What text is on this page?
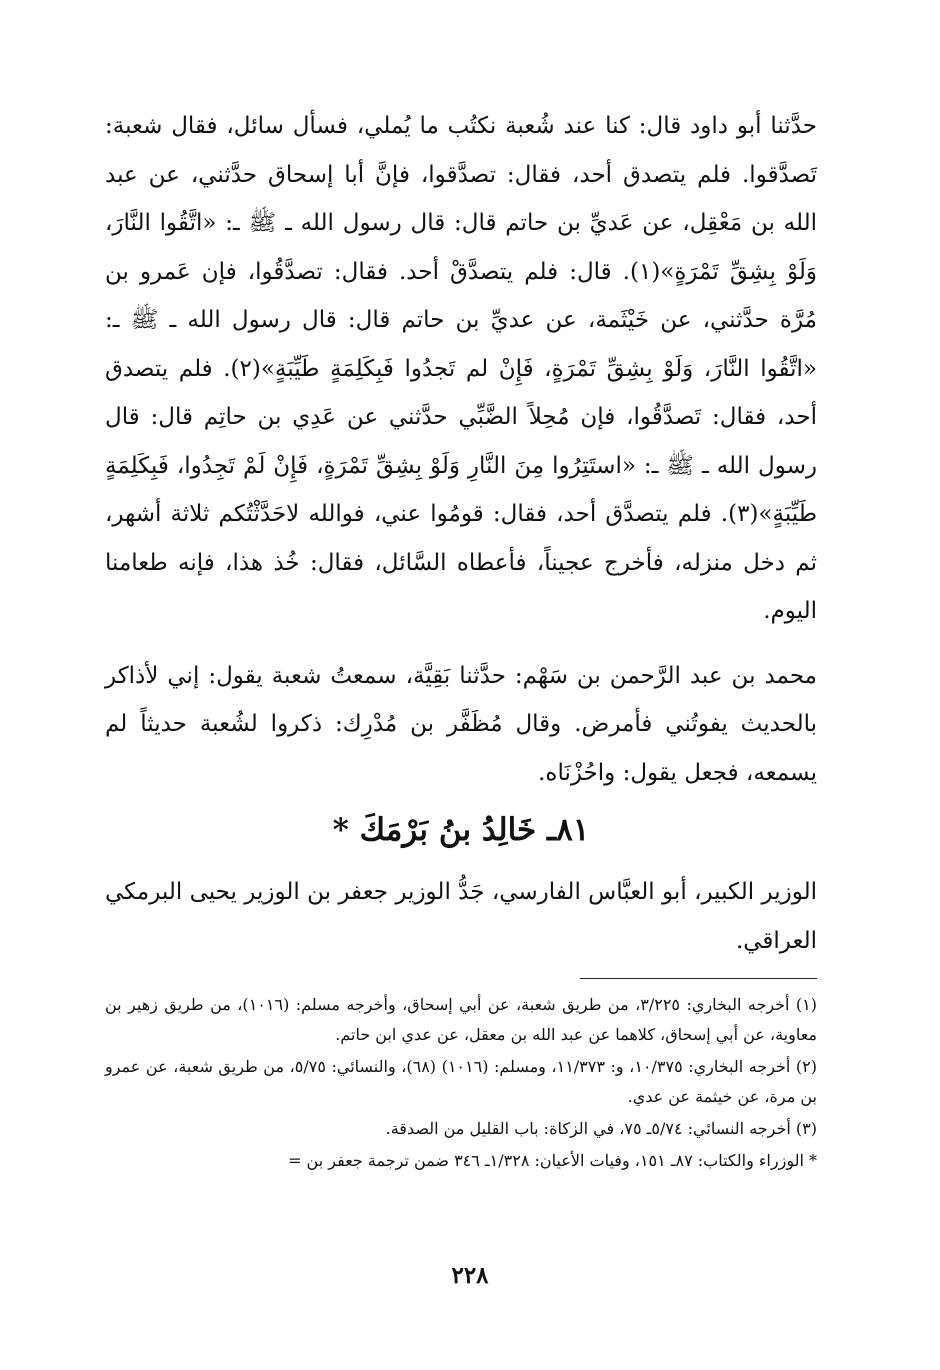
حدَّثنا أبو داود قال: كنا عند شُعبة نكتُب ما يُملي، فسأل سائل، فقال شعبة: تَصدَّقوا. فلم يتصدق أحد، فقال: تصدَّقوا، فإنَّ أبا إسحاق حدَّثني، عن عبد الله بن مَعْقِل، عن عَديِّ بن حاتم قال: قال رسول الله ـ ﷺ ـ: «اتَّقُوا النَّارَ، وَلَوْ بِشِقِّ تَمْرَةٍ»(١). قال: فلم يتصدَّقْ أحد. فقال: تصدَّقُوا، فإن عَمرو بن مُرَّة حدَّثني، عن خَيْثَمة، عن عديِّ بن حاتم قال: قال رسول الله ـ ﷺ ـ: «اتَّقُوا النَّارَ، وَلَوْ بِشِقِّ تَمْرَةٍ، فَإِنْ لم تَجدُوا فَبِكَلِمَةٍ طَيِّبَةٍ»(٢). فلم يتصدق أحد، فقال: تَصدَّقُوا، فإن مُحِلاً الضَّبِّي حدَّثني عن عَدِي بن حاتِم قال: قال رسول الله ـ ﷺ ـ: «استَتِرُوا مِنَ النَّارِ وَلَوْ بِشِقِّ تَمْرَةٍ، فَإِنْ لَمْ تَجِدُوا، فَبِكَلِمَةٍ طَيِّبَةٍ»(٣). فلم يتصدَّق أحد، فقال: قومُوا عني، فوالله لاحَدَّثْتُكم ثلاثة أشهر، ثم دخل منزله، فأخرج عجيناً، فأعطاه السَّائل، فقال: خُذ هذا، فإنه طعامنا اليوم.

محمد بن عبد الرَّحمن بن سَهْم: حدَّثنا بَقِيَّة، سمعتُ شعبة يقول: إني لأذاكر بالحديث يفوتُني فأمرض. وقال مُظَفَّر بن مُدْرِك: ذكروا لشُعبة حديثاً لم يسمعه، فجعل يقول: واحُزْنَاه.

٨١ـ خَالِدُ بنُ بَرْمَكَ *

الوزير الكبير، أبو العبَّاس الفارسي، جَدُّ الوزير جعفر بن الوزير يحيى البرمكي العراقي.

(١) أخرجه البخاري: ٣/٢٢٥، من طريق شعبة، عن أبي إسحاق، وأخرجه مسلم: (١٠١٦)، من طريق زهير بن معاوية، عن أبي إسحاق، كلاهما عن عبد الله بن معقل، عن عدي ابن حاتم.

(٢) أخرجه البخاري: ١٠/٣٧٥، و: ١١/٣٧٣، ومسلم: (١٠١٦) (٦٨)، والنسائي: ٥/٧٥، من طريق شعبة، عن عمرو بن مرة، عن خيثمة عن عدي.

(٣) أخرجه النسائي: ٥/٧٤ـ ٧٥، في الزكاة: باب القليل من الصدقة.

* الوزراء والكتاب: ٨٧ـ ١٥١، وفيات الأعيان: ١/٣٢٨ـ ٣٤٦ ضمن ترجمة جعفر بن =

٢٢٨
